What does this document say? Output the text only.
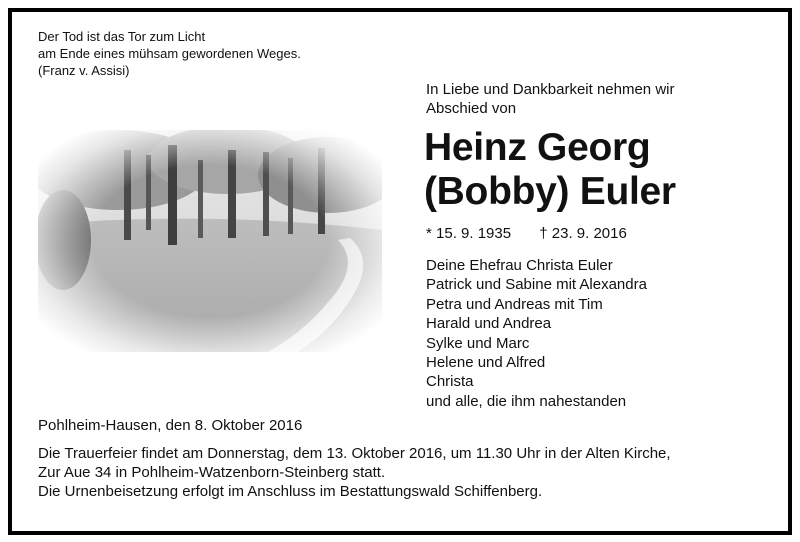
Der Tod ist das Tor zum Licht
am Ende eines mühsam gewordenen Weges.
(Franz v. Assisi)
In Liebe und Dankbarkeit nehmen wir
Abschied von
Heinz Georg
(Bobby) Euler
* 15. 9. 1935 † 23. 9. 2016
Deine Ehefrau Christa Euler
Patrick und Sabine mit Alexandra
Petra und Andreas mit Tim
Harald und Andrea
Sylke und Marc
Helene und Alfred
Christa
und alle, die ihm nahestanden
Pohlheim-Hausen, den 8. Oktober 2016
Die Trauerfeier findet am Donnerstag, dem 13. Oktober 2016, um 11.30 Uhr in der Alten Kirche,
Zur Aue 34 in Pohlheim-Watzenborn-Steinberg statt.
Die Urnenbeisetzung erfolgt im Anschluss im Bestattungswald Schiffenberg.
